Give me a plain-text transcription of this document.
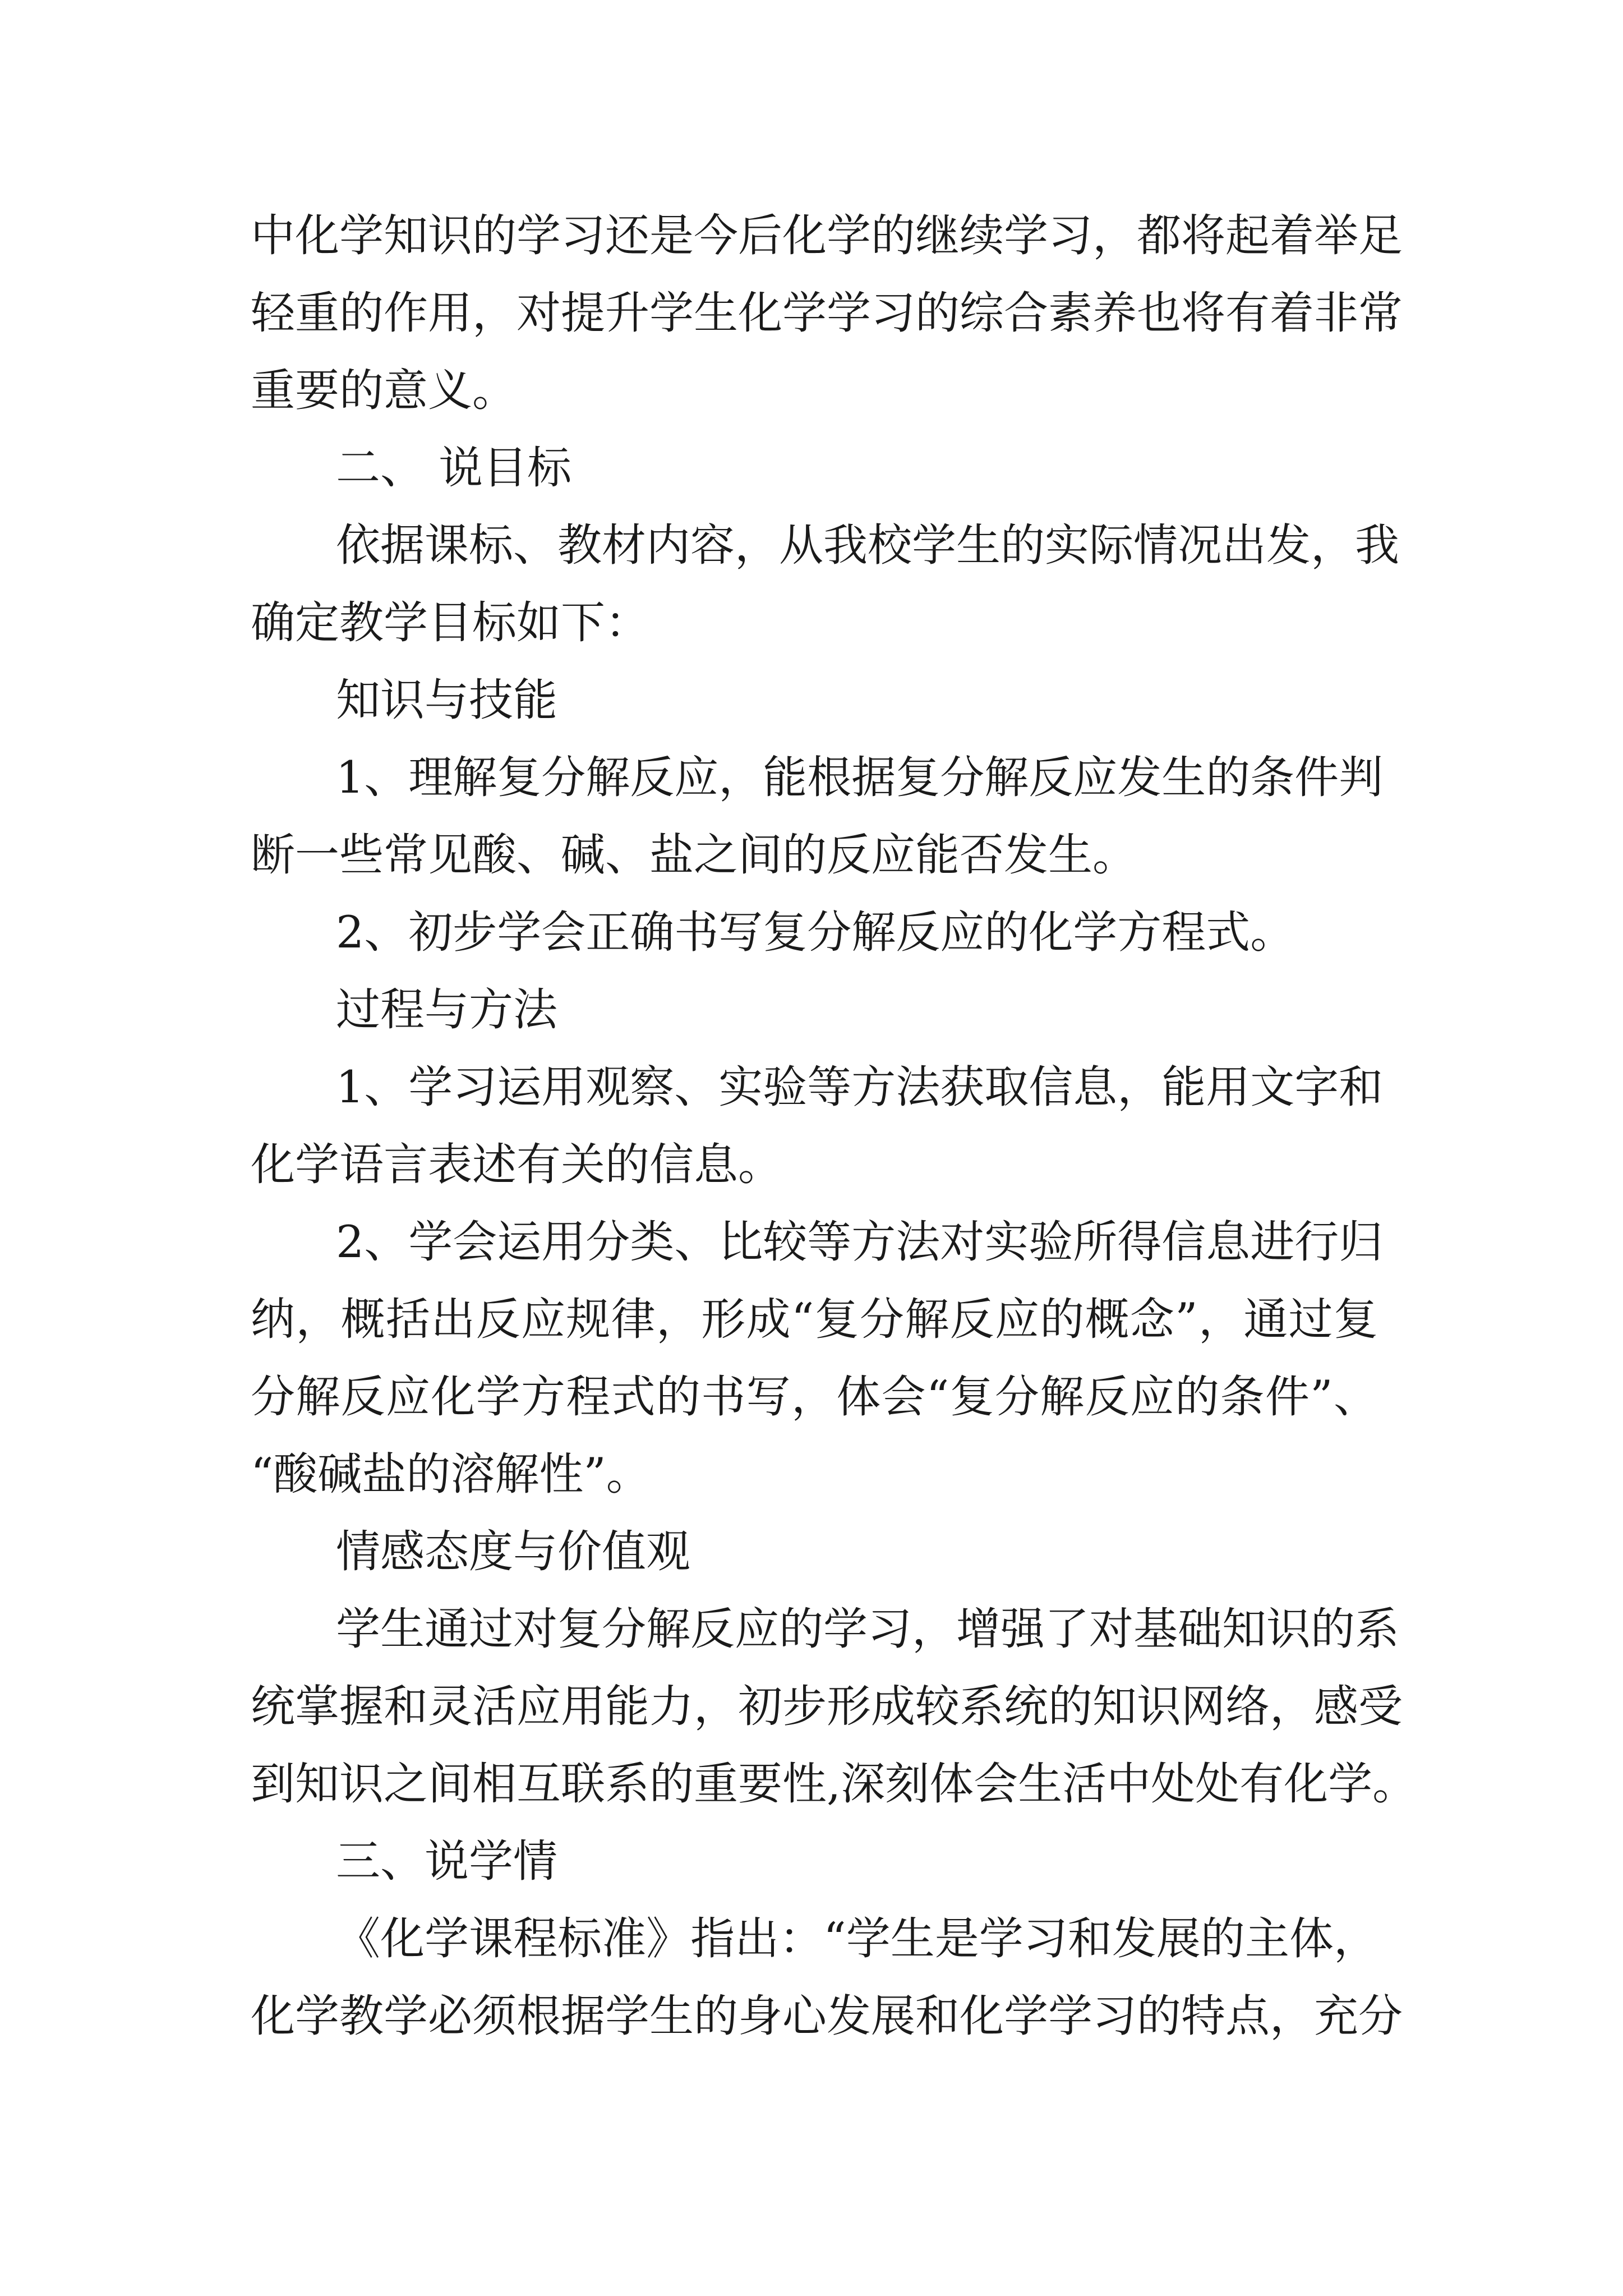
中化学知识的学习还是今后化学的继续学习，都将起着举足
轻重的作用，对提升学生化学学习的综合素养也将有着非常
重要的意义。
二、 说目标
依据课标、教材内容，从我校学生的实际情况出发，我
确定教学目标如下：
知识与技能
1、理解复分解反应，能根据复分解反应发生的条件判
断一些常见酸、碱、盐之间的反应能否发生。
2、初步学会正确书写复分解反应的化学方程式。
过程与方法
1、学习运用观察、实验等方法获取信息，能用文字和
化学语言表述有关的信息。
2、学会运用分类、比较等方法对实验所得信息进行归
纳，概括出反应规律，形成“复分解反应的概念”，通过复
分解反应化学方程式的书写，体会“复分解反应的条件”、
“酸碱盐的溶解性”。
情感态度与价值观
学生通过对复分解反应的学习，增强了对基础知识的系
统掌握和灵活应用能力，初步形成较系统的知识网络，感受
到知识之间相互联系的重要性,深刻体会生活中处处有化学。
三、说学情
《化学课程标准》指出：“学生是学习和发展的主体，
化学教学必须根据学生的身心发展和化学学习的特点，充分
